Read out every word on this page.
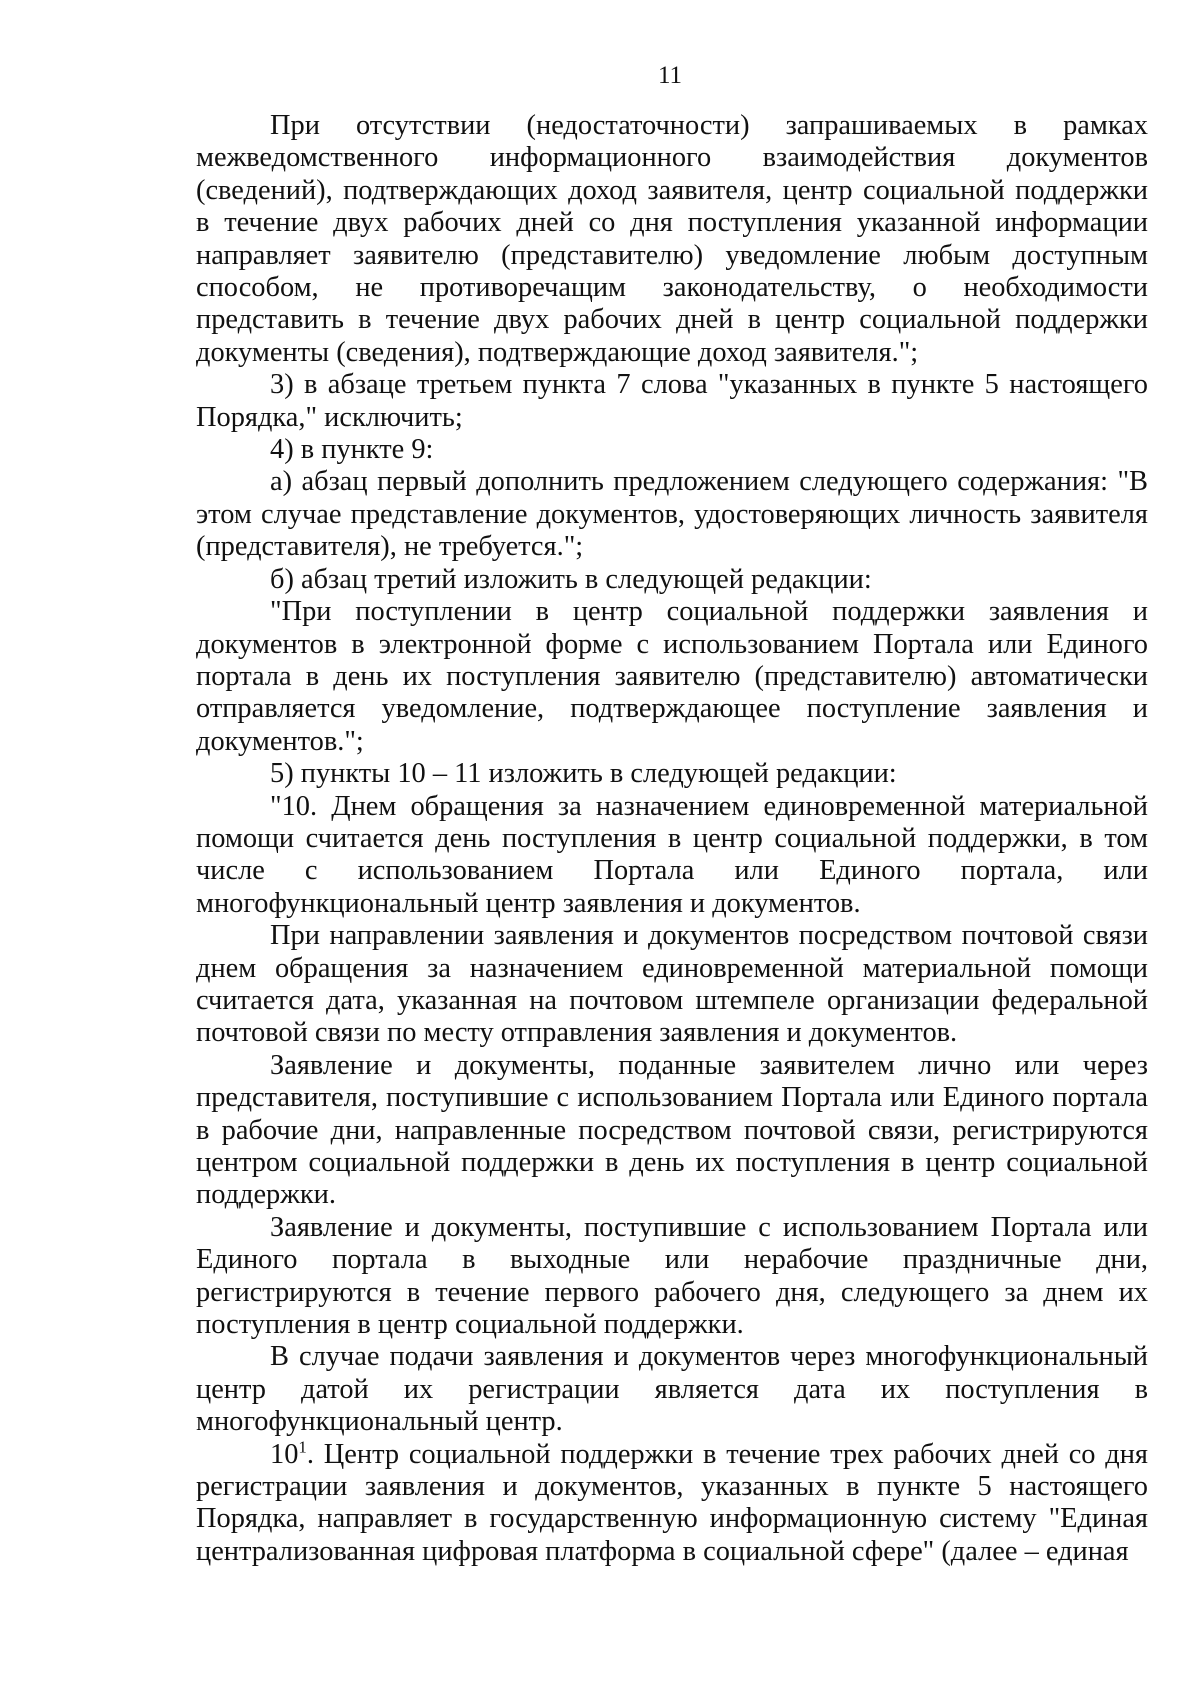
11

При отсутствии (недостаточности) запрашиваемых в рамках межведомственного информационного взаимодействия документов (сведений), подтверждающих доход заявителя, центр социальной поддержки в течение двух рабочих дней со дня поступления указанной информации направляет заявителю (представителю) уведомление любым доступным способом, не противоречащим законодательству, о необходимости представить в течение двух рабочих дней в центр социальной поддержки документы (сведения), подтверждающие доход заявителя.";

3) в абзаце третьем пункта 7 слова "указанных в пункте 5 настоящего Порядка," исключить;

4) в пункте 9:

а) абзац первый дополнить предложением следующего содержания: "В этом случае представление документов, удостоверяющих личность заявителя (представителя), не требуется.";

б) абзац третий изложить в следующей редакции:

"При поступлении в центр социальной поддержки заявления и документов в электронной форме с использованием Портала или Единого портала в день их поступления заявителю (представителю) автоматически отправляется уведомление, подтверждающее поступление заявления и документов.";

5) пункты 10 – 11 изложить в следующей редакции:

"10. Днем обращения за назначением единовременной материальной помощи считается день поступления в центр социальной поддержки, в том числе с использованием Портала или Единого портала, или многофункциональный центр заявления и документов.

При направлении заявления и документов посредством почтовой связи днем обращения за назначением единовременной материальной помощи считается дата, указанная на почтовом штемпеле организации федеральной почтовой связи по месту отправления заявления и документов.

Заявление и документы, поданные заявителем лично или через представителя, поступившие с использованием Портала или Единого портала в рабочие дни, направленные посредством почтовой связи, регистрируются центром социальной поддержки в день их поступления в центр социальной поддержки.

Заявление и документы, поступившие с использованием Портала или Единого портала в выходные или нерабочие праздничные дни, регистрируются в течение первого рабочего дня, следующего за днем их поступления в центр социальной поддержки.

В случае подачи заявления и документов через многофункциональный центр датой их регистрации является дата их поступления в многофункциональный центр.

$10^1$. Центр социальной поддержки в течение трех рабочих дней со дня регистрации заявления и документов, указанных в пункте 5 настоящего Порядка, направляет в государственную информационную систему "Единая централизованная цифровая платформа в социальной сфере" (далее – единая
